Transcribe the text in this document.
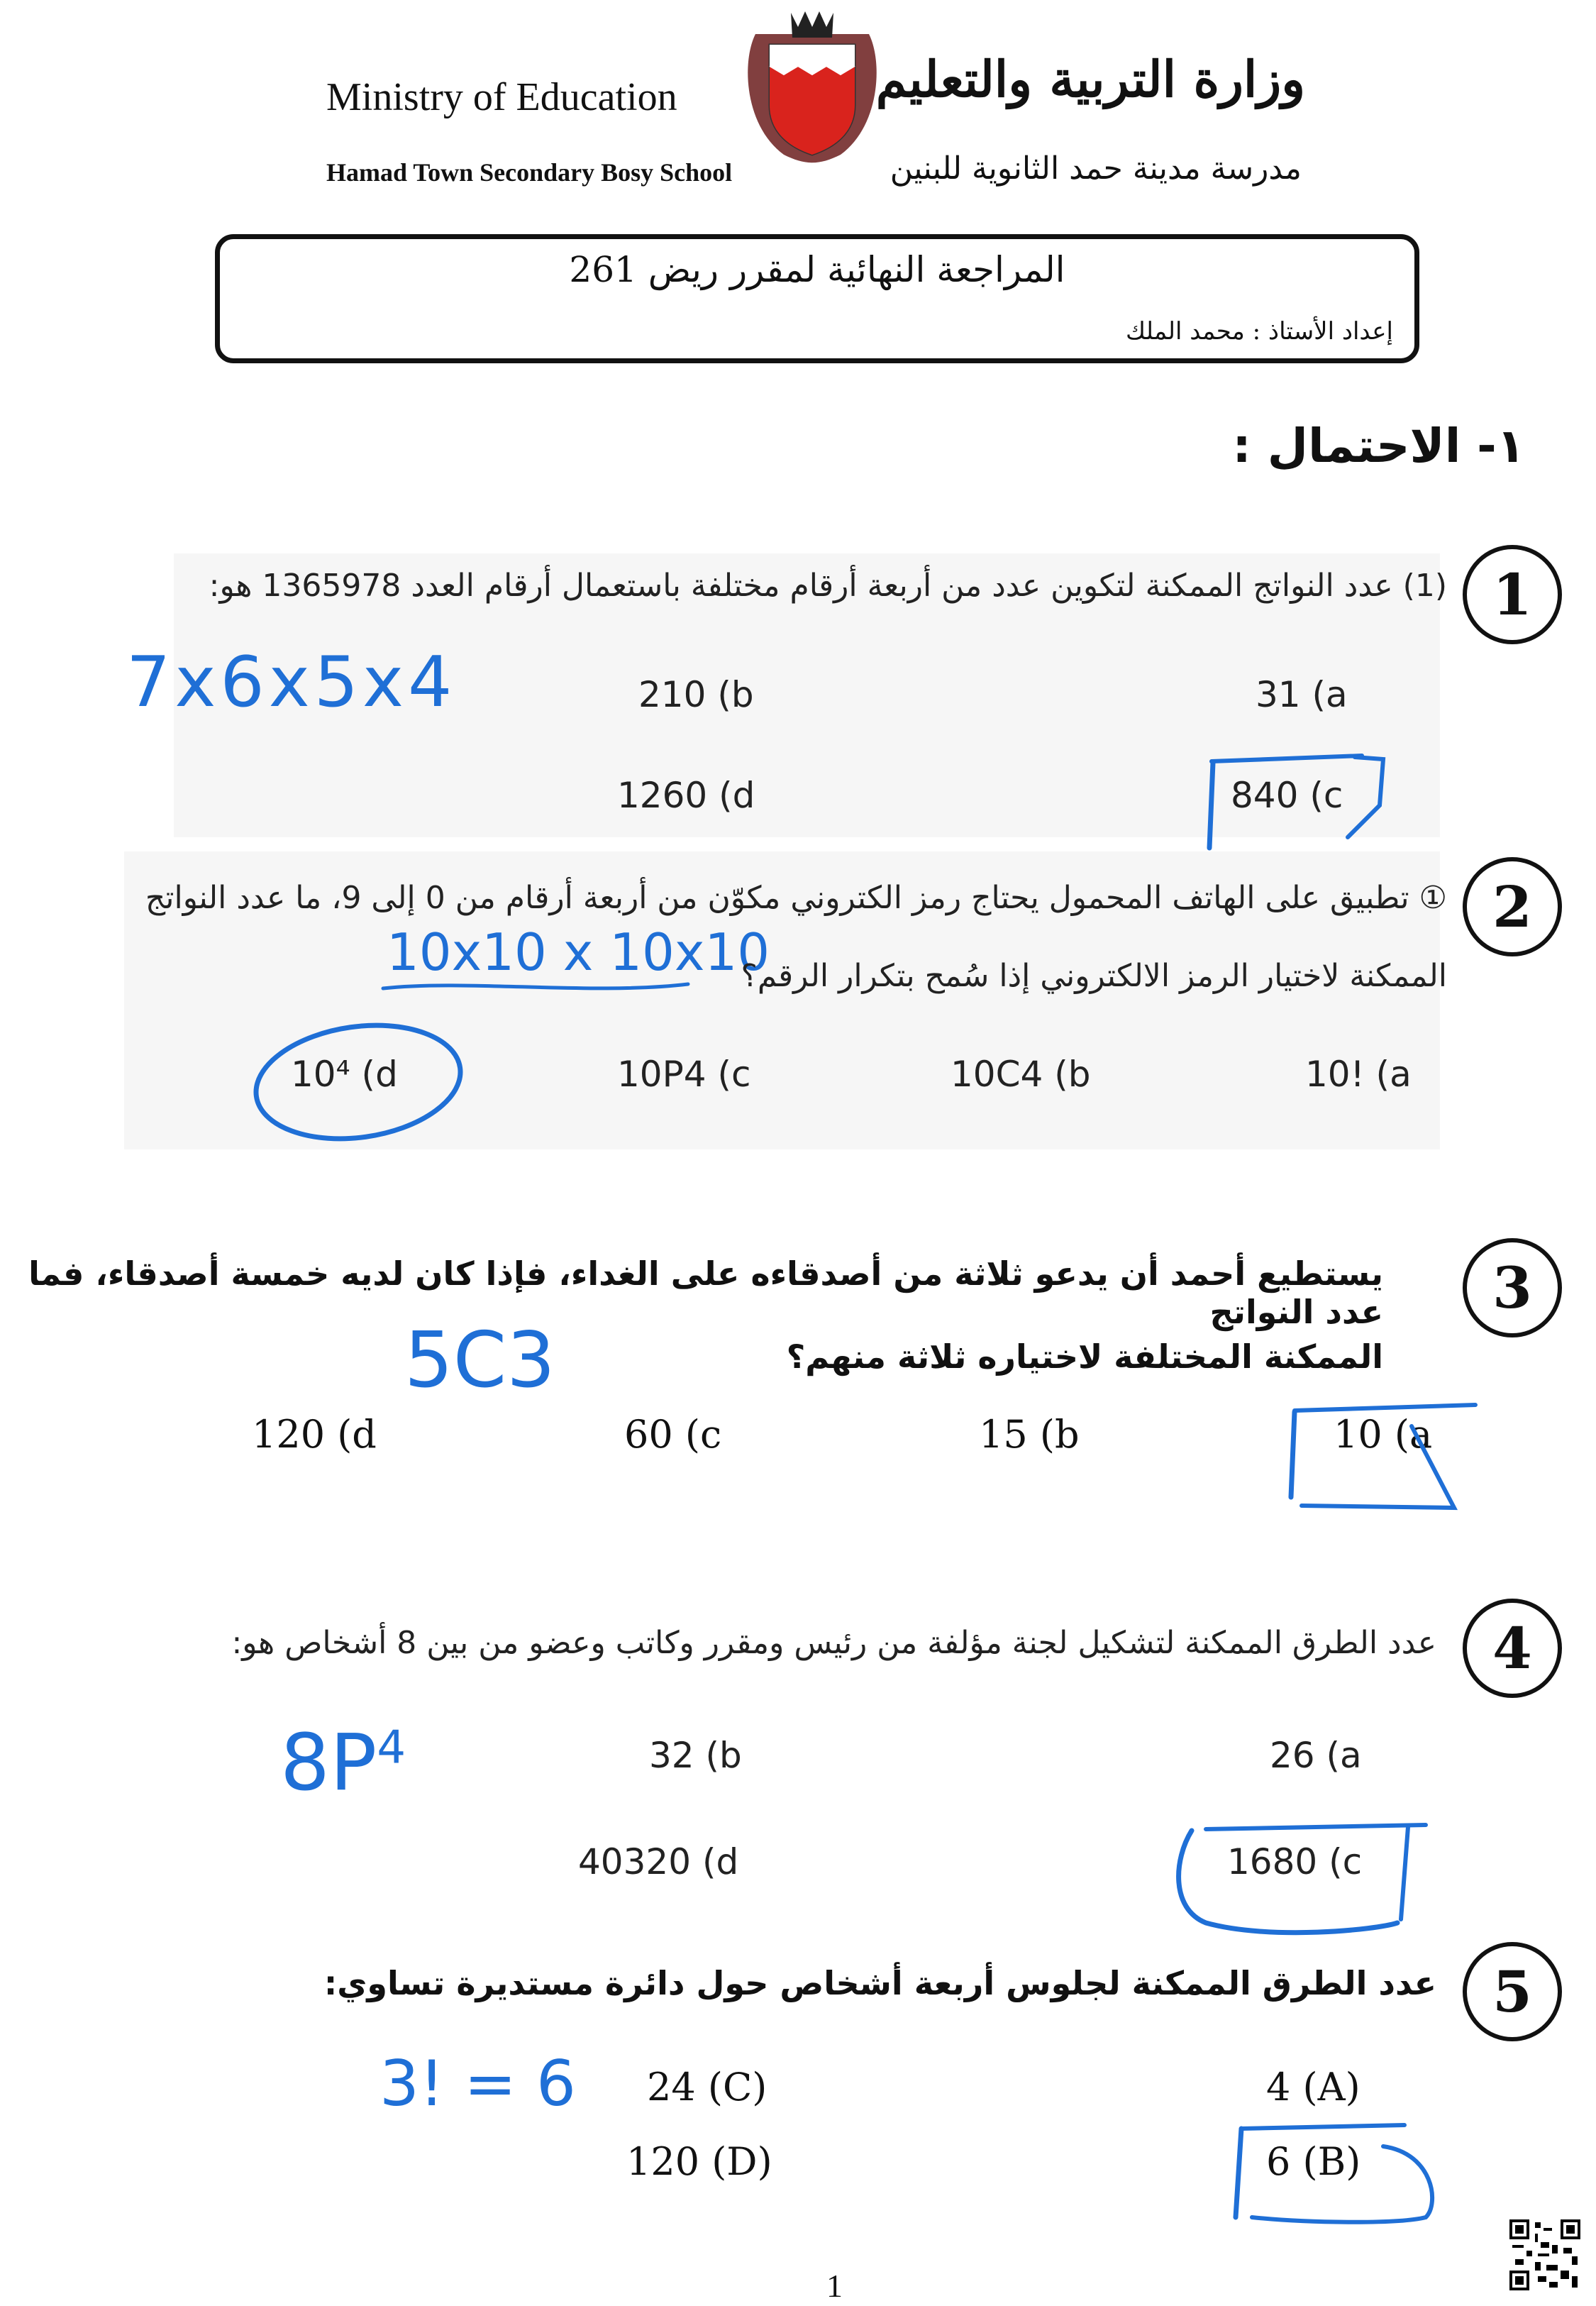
Ministry of Education
Hamad Town Secondary Bosy School
وزارة التربية والتعليم
مدرسة مدينة حمد الثانوية للبنين
المراجعة النهائية لمقرر ريض 261
إعداد الأستاذ : محمد الملك
١- الاحتمال :
1
(1) عدد النواتج الممكنة لتكوين عدد من أربعة أرقام مختلفة باستعمال أرقام العدد 1365978 هو:
7x6x5x4	31 (a
210 (b
840 (c
1260 (d
2
① تطبيق على الهاتف المحمول يحتاج رمز الكتروني مكوّن من أربعة أرقام من 0 إلى 9، ما عدد النواتج
10x10 x 10x10
الممكنة لاختيار الرمز الالكتروني إذا سُمح بتكرار الرقم؟
10! (a
10C4 (b
10P4 (c
10⁴ (d
3
يستطيع أحمد أن يدعو ثلاثة من أصدقاءه على الغداء، فإذا كان لديه خمسة أصدقاء، فما عدد النواتج
5C3	الممكنة المختلفة لاختياره ثلاثة منهم؟
10 (a
15 (b
60 (c
120 (d
4
عدد الطرق الممكنة لتشكيل لجنة مؤلفة من رئيس ومقرر وكاتب وعضو من بين 8 أشخاص هو:
$8P^4$	26 (a
32 (b
1680 (c
40320 (d
5
عدد الطرق الممكنة لجلوس أربعة أشخاص حول دائرة مستديرة تساوي:
3! = 6	4 (A)
6 (B)
24 (C)
120 (D)
1
